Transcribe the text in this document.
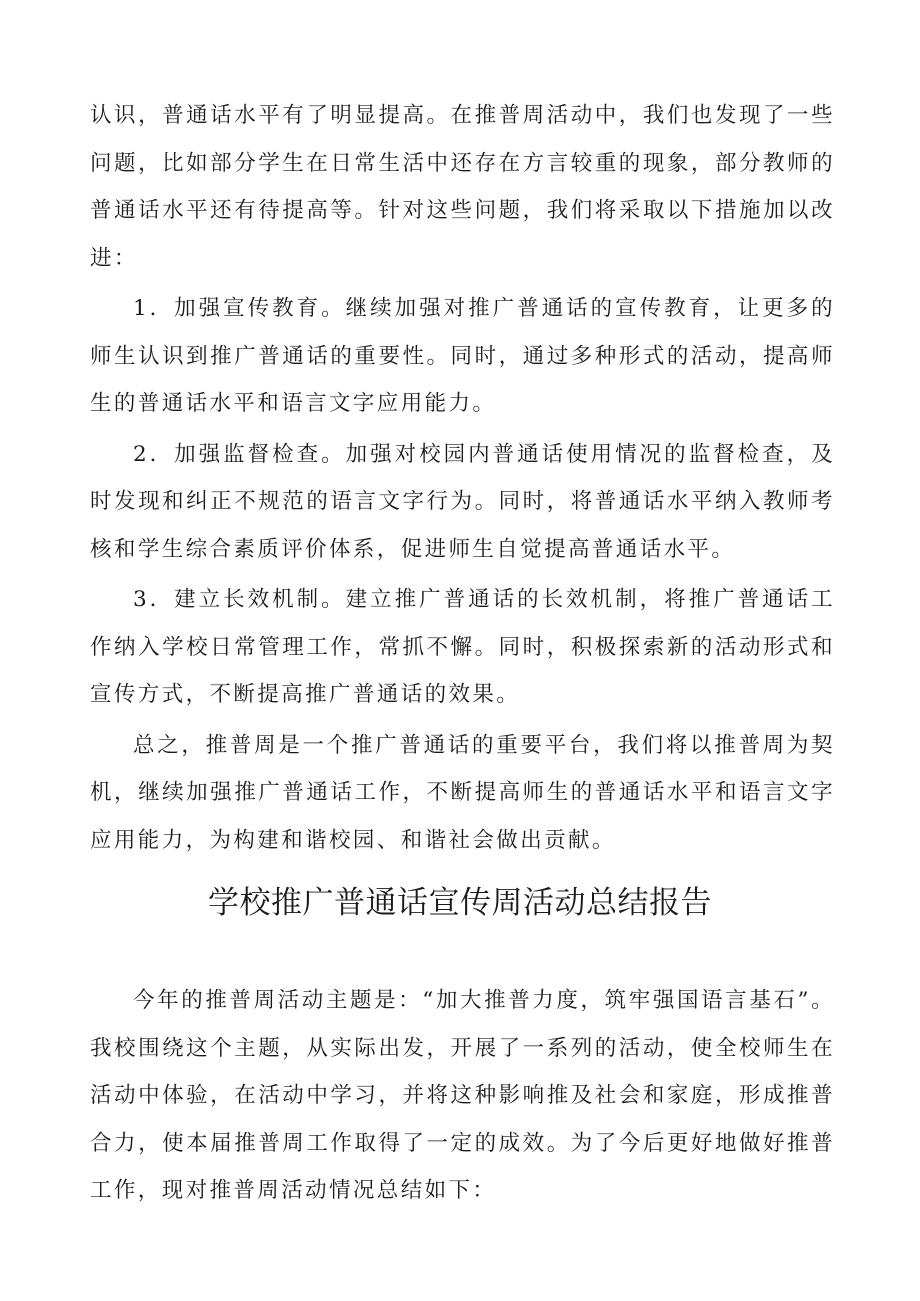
认识，普通话水平有了明显提高。在推普周活动中，我们也发现了一些问题，比如部分学生在日常生活中还存在方言较重的现象，部分教师的普通话水平还有待提高等。针对这些问题，我们将采取以下措施加以改进：

1．加强宣传教育。继续加强对推广普通话的宣传教育，让更多的师生认识到推广普通话的重要性。同时，通过多种形式的活动，提高师生的普通话水平和语言文字应用能力。

2．加强监督检查。加强对校园内普通话使用情况的监督检查，及时发现和纠正不规范的语言文字行为。同时，将普通话水平纳入教师考核和学生综合素质评价体系，促进师生自觉提高普通话水平。

3．建立长效机制。建立推广普通话的长效机制，将推广普通话工作纳入学校日常管理工作，常抓不懈。同时，积极探索新的活动形式和宣传方式，不断提高推广普通话的效果。

总之，推普周是一个推广普通话的重要平台，我们将以推普周为契机，继续加强推广普通话工作，不断提高师生的普通话水平和语言文字应用能力，为构建和谐校园、和谐社会做出贡献。

学校推广普通话宣传周活动总结报告

今年的推普周活动主题是：“加大推普力度，筑牢强国语言基石”。我校围绕这个主题，从实际出发，开展了一系列的活动，使全校师生在活动中体验，在活动中学习，并将这种影响推及社会和家庭，形成推普合力，使本届推普周工作取得了一定的成效。为了今后更好地做好推普工作，现对推普周活动情况总结如下：
